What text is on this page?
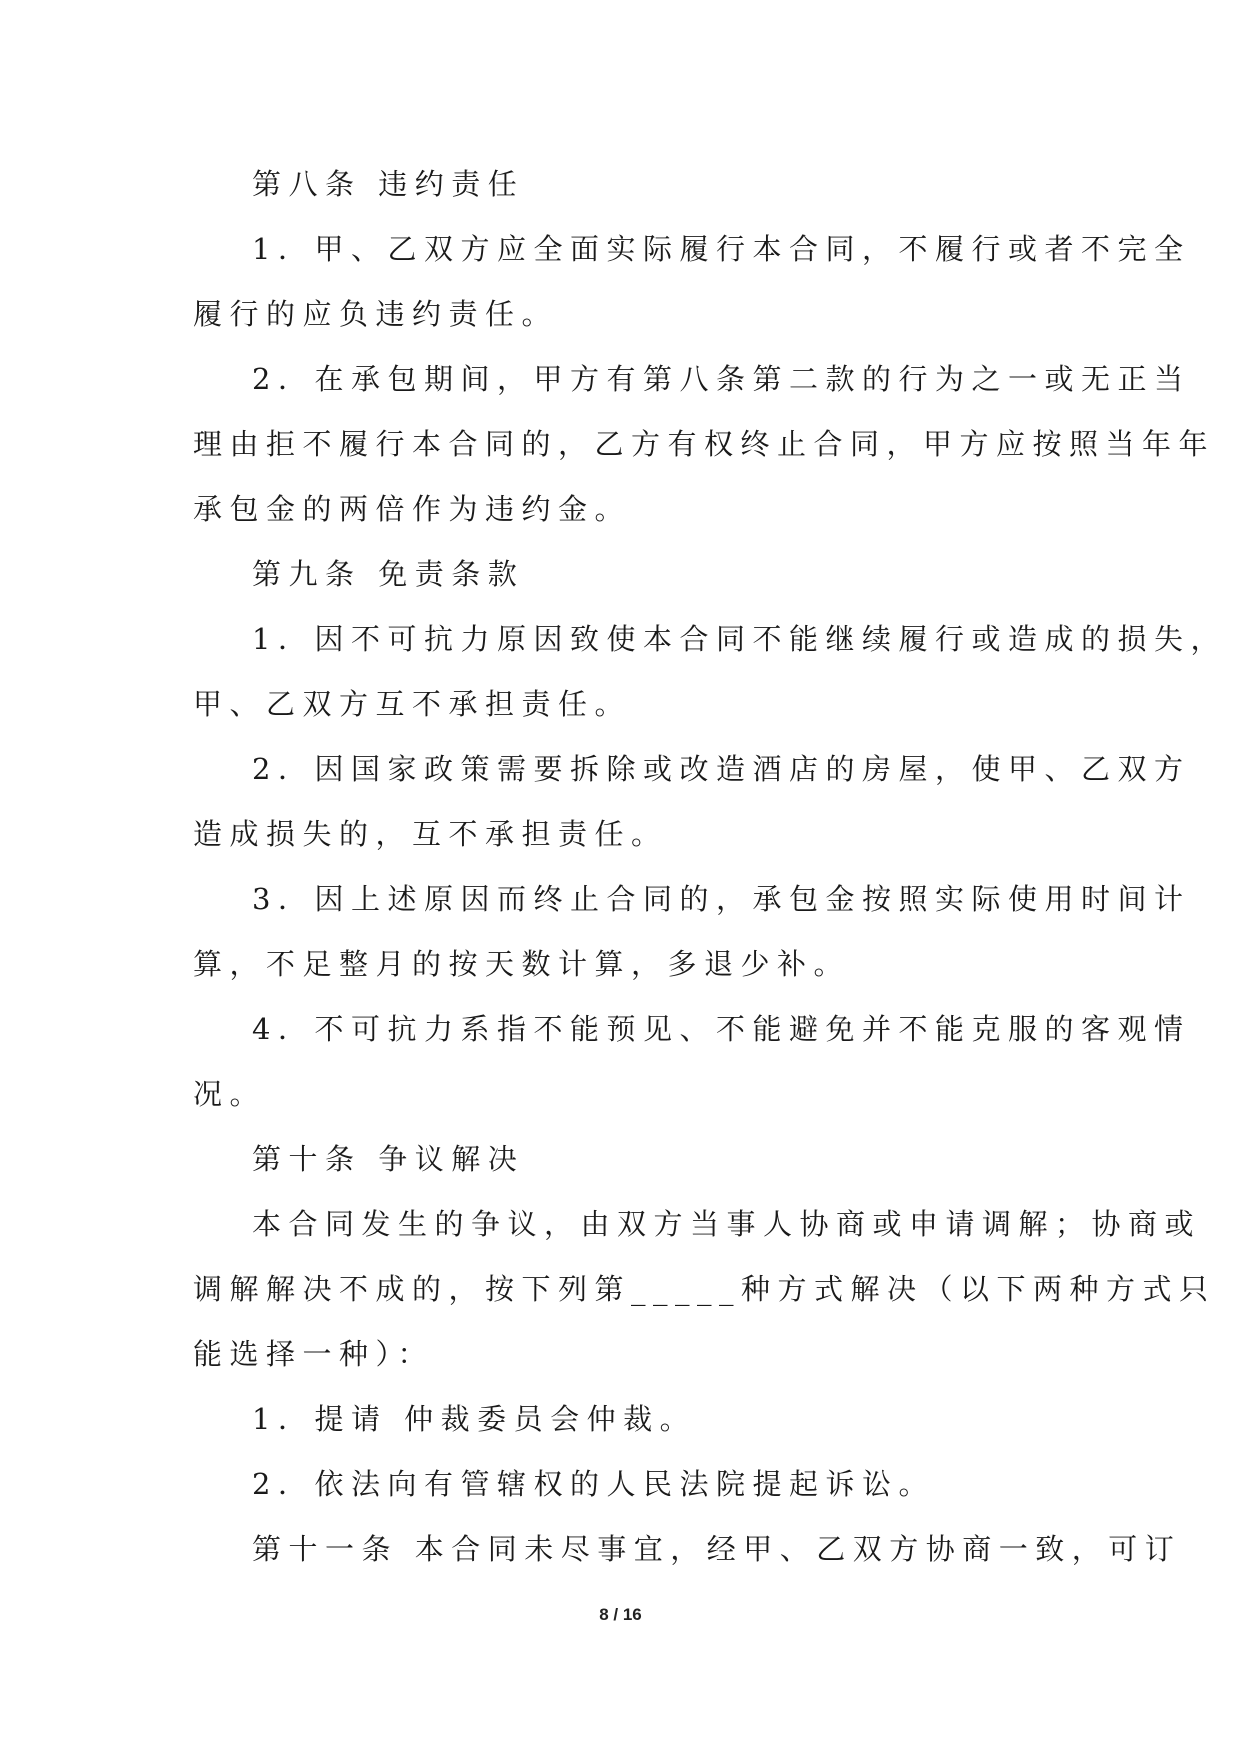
第八条 违约责任
1．甲、乙双方应全面实际履行本合同，不履行或者不完全
履行的应负违约责任。
2．在承包期间，甲方有第八条第二款的行为之一或无正当
理由拒不履行本合同的，乙方有权终止合同，甲方应按照当年年
承包金的两倍作为违约金。
第九条 免责条款
1．因不可抗力原因致使本合同不能继续履行或造成的损失，
甲、乙双方互不承担责任。
2．因国家政策需要拆除或改造酒店的房屋，使甲、乙双方
造成损失的，互不承担责任。
3．因上述原因而终止合同的，承包金按照实际使用时间计
算，不足整月的按天数计算，多退少补。
4．不可抗力系指不能预见、不能避免并不能克服的客观情
况。
第十条 争议解决
本合同发生的争议，由双方当事人协商或申请调解；协商或
调解解决不成的，按下列第_____种方式解决（以下两种方式只
能选择一种）：
1．提请 仲裁委员会仲裁。
2．依法向有管辖权的人民法院提起诉讼。
第十一条 本合同未尽事宜，经甲、乙双方协商一致，可订
8 / 16
